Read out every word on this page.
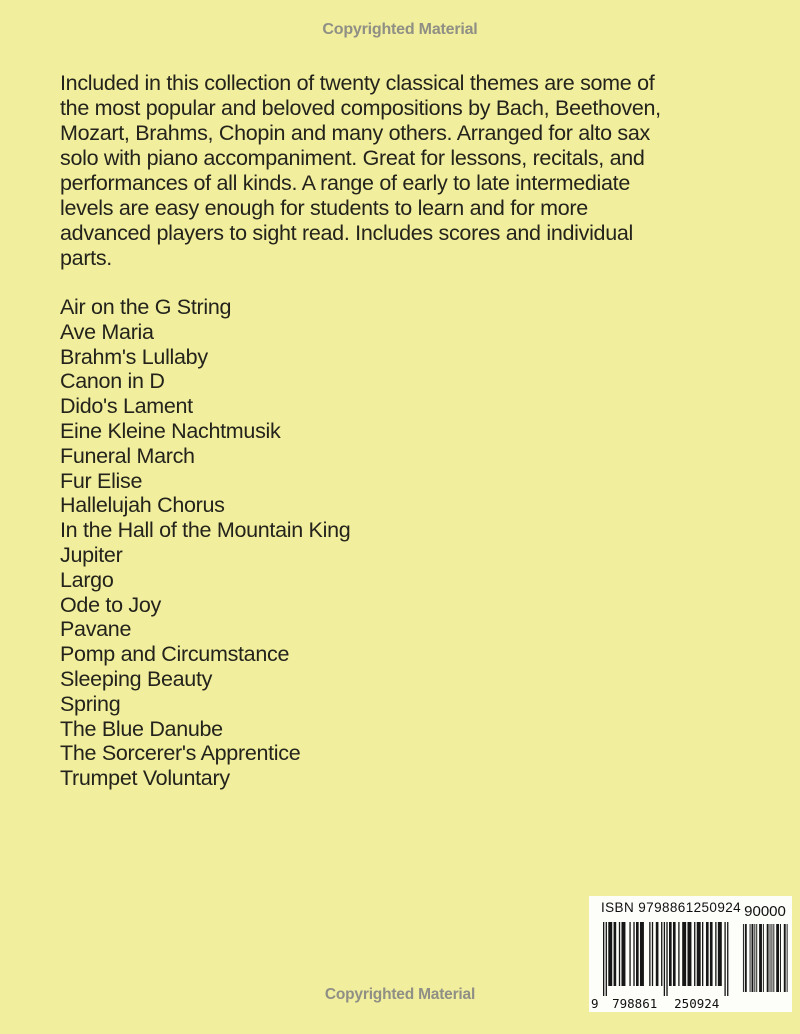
Copyrighted Material
Included in this collection of twenty classical themes are some of
the most popular and beloved compositions by Bach, Beethoven,
Mozart, Brahms, Chopin and many others. Arranged for alto sax
solo with piano accompaniment. Great for lessons, recitals, and
performances of all kinds. A range of early to late intermediate
levels are easy enough for students to learn and for more
advanced players to sight read. Includes scores and individual
parts.
Air on the G String
Ave Maria
Brahm's Lullaby
Canon in D
Dido's Lament
Eine Kleine Nachtmusik
Funeral March
Fur Elise
Hallelujah Chorus
In the Hall of the Mountain King
Jupiter
Largo
Ode to Joy
Pavane
Pomp and Circumstance
Sleeping Beauty
Spring
The Blue Danube
The Sorcerer's Apprentice
Trumpet Voluntary
ISBN 9798861250924 90000
9 798861 250924
Copyrighted Material
